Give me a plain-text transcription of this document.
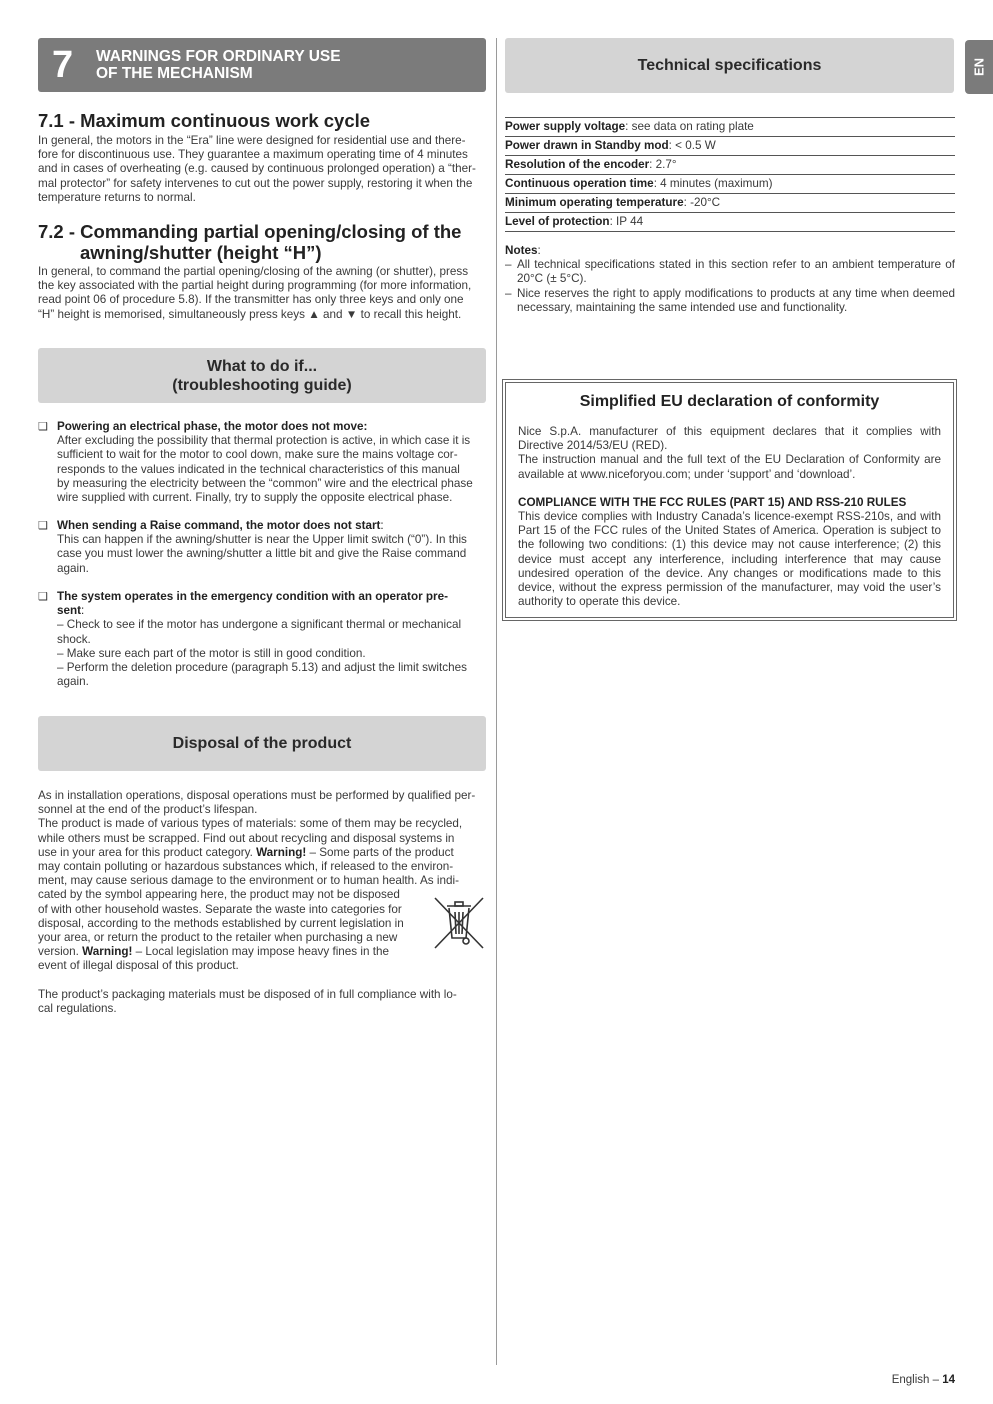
EN
7 WARNINGS FOR ORDINARY USE
OF THE MECHANISM
7.1 - Maximum continuous work cycle
In general, the motors in the “Era” line were designed for residential use and there-
fore for discontinuous use. They guarantee a maximum operating time of 4 minutes
and in cases of overheating (e.g. caused by continuous prolonged operation) a “ther-
mal protector” for safety intervenes to cut out the power supply, restoring it when the
temperature returns to normal.
7.2 - Commanding partial opening/closing of the
awning/shutter (height “H”)
In general, to command the partial opening/closing of the awning (or shutter), press
the key associated with the partial height during programming (for more information,
read point 06 of procedure 5.8). If the transmitter has only three keys and only one
“H” height is memorised, simultaneously press keys ▲ and ▼ to recall this height.
What to do if...
(troubleshooting guide)
❑ Powering an electrical phase, the motor does not move:
After excluding the possibility that thermal protection is active, in which case it is
sufficient to wait for the motor to cool down, make sure the mains voltage cor-
responds to the values indicated in the technical characteristics of this manual
by measuring the electricity between the “common” wire and the electrical phase
wire supplied with current. Finally, try to supply the opposite electrical phase.
❑ When sending a Raise command, the motor does not start:
This can happen if the awning/shutter is near the Upper limit switch (“0”). In this
case you must lower the awning/shutter a little bit and give the Raise command
again.
❑ The system operates in the emergency condition with an operator pre-
sent:
– Check to see if the motor has undergone a significant thermal or mechanical
shock.
– Make sure each part of the motor is still in good condition.
– Perform the deletion procedure (paragraph 5.13) and adjust the limit switches
again.
Disposal of the product
As in installation operations, disposal operations must be performed by qualified per-
sonnel at the end of the product’s lifespan.
The product is made of various types of materials: some of them may be recycled,
while others must be scrapped. Find out about recycling and disposal systems in
use in your area for this product category. Warning! – Some parts of the product
may contain polluting or hazardous substances which, if released to the environ-
ment, may cause serious damage to the environment or to human health. As indi-
cated by the symbol appearing here, the product may not be disposed
of with other household wastes. Separate the waste into categories for
disposal, according to the methods established by current legislation in
your area, or return the product to the retailer when purchasing a new
version. Warning! – Local legislation may impose heavy fines in the
event of illegal disposal of this product.
The product’s packaging materials must be disposed of in full compliance with lo-
cal regulations.
Technical specifications
Power supply voltage: see data on rating plate
Power drawn in Standby mod: < 0.5 W
Resolution of the encoder: 2.7°
Continuous operation time: 4 minutes (maximum)
Minimum operating temperature: -20°C
Level of protection: IP 44
Notes:
– All technical specifications stated in this section refer to an ambient temperature of 20°C (± 5°C).
– Nice reserves the right to apply modifications to products at any time when deemed necessary, maintaining the same intended use and functionality.
Simplified EU declaration of conformity
Nice S.p.A. manufacturer of this equipment declares that it complies with Directive 2014/53/EU (RED).
The instruction manual and the full text of the EU Declaration of Conformity are available at www.niceforyou.com; under ‘support’ and ‘download’.
COMPLIANCE WITH THE FCC RULES (PART 15) AND RSS-210 RULES
This device complies with Industry Canada’s licence-exempt RSS-210s, and with Part 15 of the FCC rules of the United States of America. Operation is subject to the following two conditions: (1) this device may not cause interference; (2) this device must accept any interference, including interference that may cause undesired operation of the device. Any changes or modifications made to this device, without the express permission of the manufacturer, may void the user’s authority to operate this device.
English – 14
